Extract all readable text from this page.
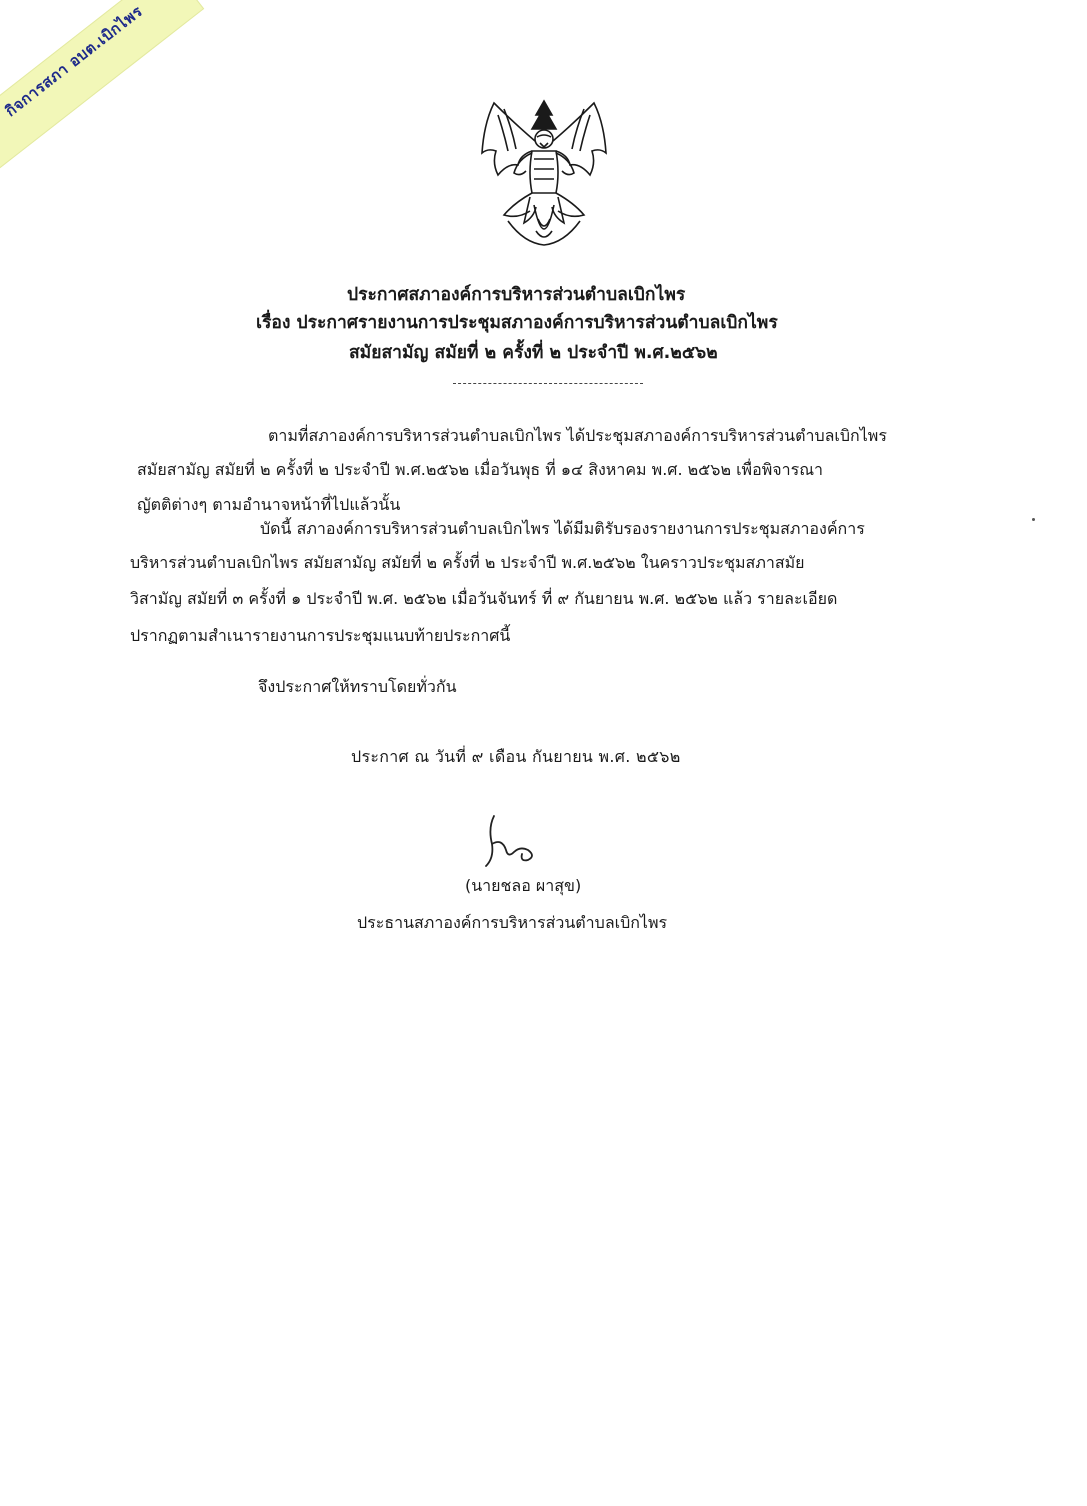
กิจการสภา อบต.เบิกไพร
ประกาศสภาองค์การบริหารส่วนตำบลเบิกไพร
เรื่อง ประกาศรายงานการประชุมสภาองค์การบริหารส่วนตำบลเบิกไพร
สมัยสามัญ สมัยที่ ๒ ครั้งที่ ๒ ประจำปี พ.ศ.๒๕๖๒
ตามที่สภาองค์การบริหารส่วนตำบลเบิกไพร ได้ประชุมสภาองค์การบริหารส่วนตำบลเบิกไพร
สมัยสามัญ สมัยที่ ๒ ครั้งที่ ๒ ประจำปี พ.ศ.๒๕๖๒ เมื่อวันพุธ ที่ ๑๔ สิงหาคม พ.ศ. ๒๕๖๒ เพื่อพิจารณา
ญัตติต่างๆ ตามอำนาจหน้าที่ไปแล้วนั้น
บัดนี้ สภาองค์การบริหารส่วนตำบลเบิกไพร ได้มีมติรับรองรายงานการประชุมสภาองค์การ
บริหารส่วนตำบลเบิกไพร สมัยสามัญ สมัยที่ ๒ ครั้งที่ ๒ ประจำปี พ.ศ.๒๕๖๒ ในคราวประชุมสภาสมัย
วิสามัญ สมัยที่ ๓ ครั้งที่ ๑ ประจำปี พ.ศ. ๒๕๖๒ เมื่อวันจันทร์ ที่ ๙ กันยายน พ.ศ. ๒๕๖๒ แล้ว รายละเอียด
ปรากฏตามสำเนารายงานการประชุมแนบท้ายประกาศนี้
จึงประกาศให้ทราบโดยทั่วกัน
ประกาศ ณ วันที่ ๙ เดือน กันยายน พ.ศ. ๒๕๖๒
(นายชลอ ผาสุข)
ประธานสภาองค์การบริหารส่วนตำบลเบิกไพร
